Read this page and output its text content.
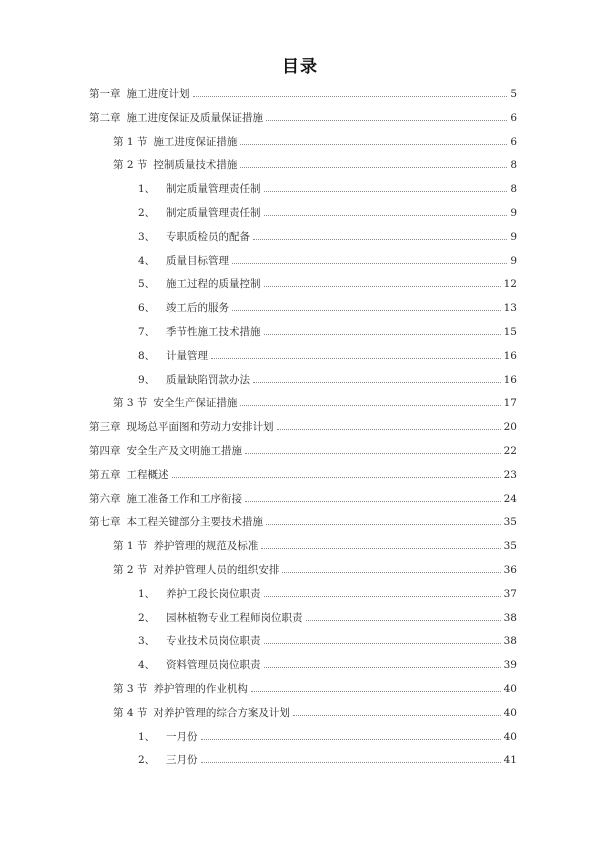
目录
第一章 施工进度计划	5
第二章 施工进度保证及质量保证措施	6
第 1 节 施工进度保证措施	6
第 2 节 控制质量技术措施	8
1、	制定质量管理责任制	8
2、	制定质量管理责任制	9
3、	专职质检员的配备	9
4、	质量目标管理	9
5、	施工过程的质量控制	12
6、	竣工后的服务	13
7、	季节性施工技术措施	15
8、	计量管理	16
9、	质量缺陷罚款办法	16
第 3 节 安全生产保证措施	17
第三章 现场总平面图和劳动力安排计划	20
第四章 安全生产及文明施工措施	22
第五章 工程概述	23
第六章 施工准备工作和工序衔接	24
第七章 本工程关键部分主要技术措施	35
第 1 节 养护管理的规范及标准	35
第 2 节 对养护管理人员的组织安排	36
1、	养护工段长岗位职责	37
2、	园林植物专业工程师岗位职责	38
3、	专业技术员岗位职责	38
4、	资料管理员岗位职责	39
第 3 节 养护管理的作业机构	40
第 4 节 对养护管理的综合方案及计划	40
1、	一月份	40
2、	三月份	41
